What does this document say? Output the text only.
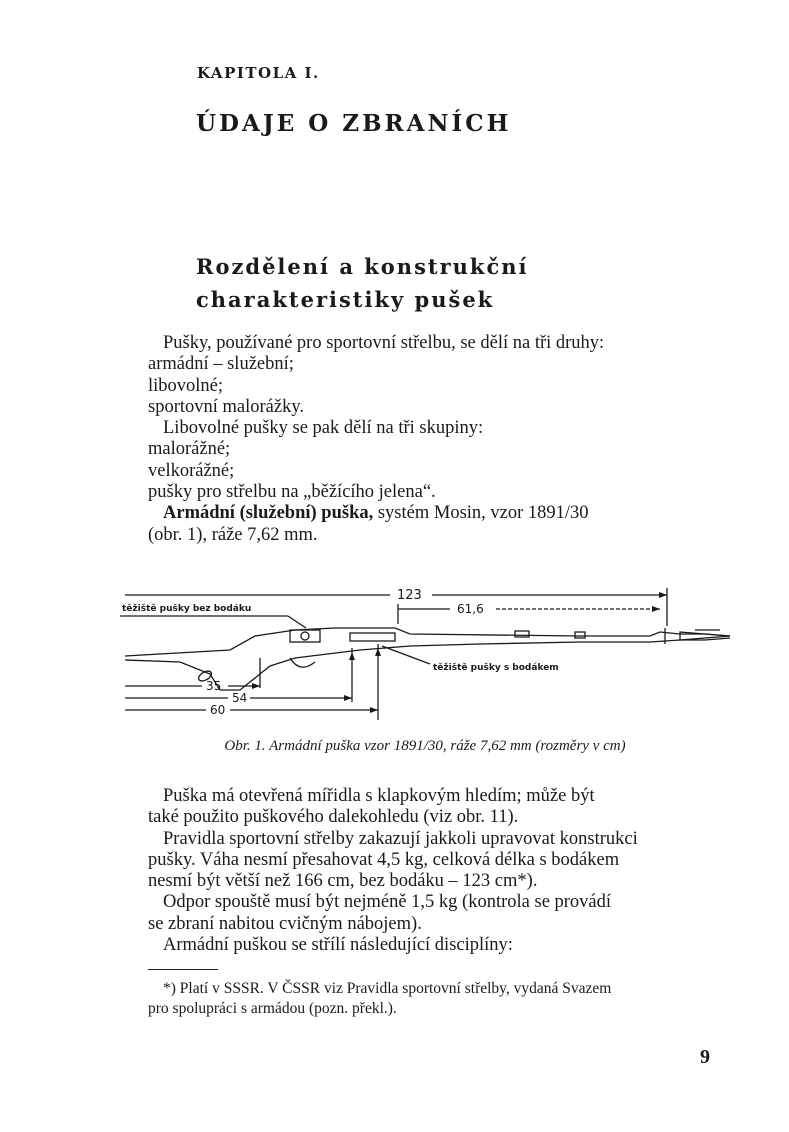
KAPITOLA I.
ÚDAJE O ZBRANÍCH
Rozdělení a konstrukční
charakteristiky pušek
Pušky, používané pro sportovní střelbu, se dělí na tři druhy:
armádní – služební;
libovolné;
sportovní malorážky.
Libovolné pušky se pak dělí na tři skupiny:
malorážné;
velkorážné;
pušky pro střelbu na „běžícího jelena“.
Armádní (služební) puška, systém Mosin, vzor 1891/30
(obr. 1), ráže 7,62 mm.
těžiště pušky bez bodáku
123
61,6
těžiště pušky s bodákem
35
54
60
Obr. 1. Armádní puška vzor 1891/30, ráže 7,62 mm (rozměry v cm)
Puška má otevřená mířidla s klapkovým hledím; může být
také použito puškového dalekohledu (viz obr. 11).
Pravidla sportovní střelby zakazují jakkoli upravovat konstrukci
pušky. Váha nesmí přesahovat 4,5 kg, celková délka s bodákem
nesmí být větší než 166 cm, bez bodáku – 123 cm*).
Odpor spouště musí být nejméně 1,5 kg (kontrola se provádí
se zbraní nabitou cvičným nábojem).
Armádní puškou se střílí následující disciplíny:
*) Platí v SSSR. V ČSSR viz Pravidla sportovní střelby, vydaná Svazem
pro spolupráci s armádou (pozn. překl.).
9
